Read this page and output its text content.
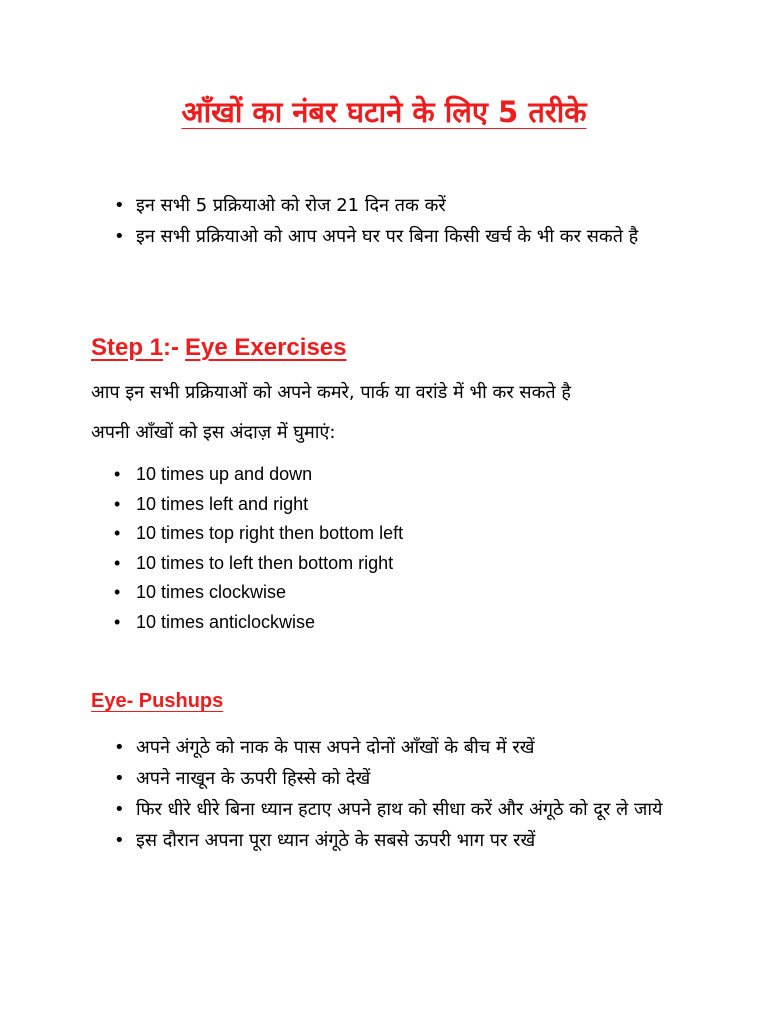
आँखों का नंबर घटाने के लिए 5 तरीके
• इन सभी 5 प्रक्रियाओ को रोज 21 दिन तक करें
• इन सभी प्रक्रियाओ को आप अपने घर पर बिना किसी खर्च के भी कर सकते है
Step 1:- Eye Exercises

आप इन सभी प्रक्रियाओं को अपने कमरे, पार्क या वरांडे में भी कर सकते है

अपनी आँखों को इस अंदाज़ में घुमाएं:

• 10 times up and down
• 10 times left and right
• 10 times top right then bottom left
• 10 times to left then bottom right
• 10 times clockwise
• 10 times anticlockwise
Eye- Pushups
• अपने अंगूठे को नाक के पास अपने दोनों आँखों के बीच में रखें
• अपने नाखून के ऊपरी हिस्से को देखें
• फिर धीरे धीरे बिना ध्यान हटाए अपने हाथ को सीधा करें और अंगूठे को दूर ले जाये
• इस दौरान अपना पूरा ध्यान अंगूठे के सबसे ऊपरी भाग पर रखें
